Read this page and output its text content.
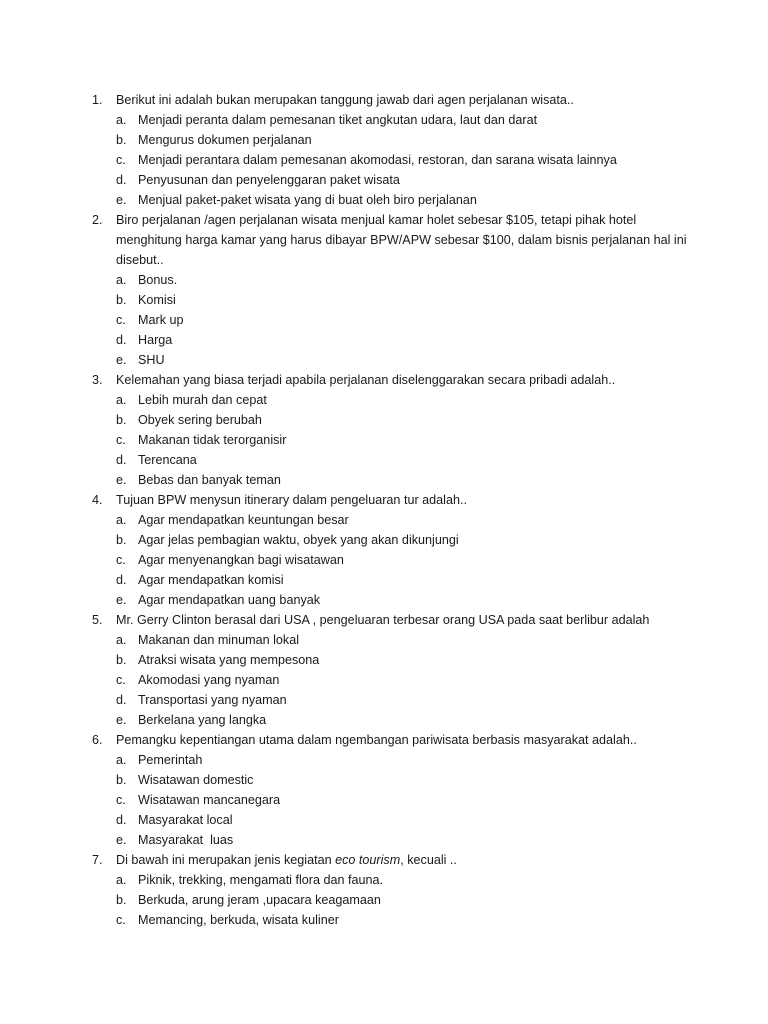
1.	Berikut ini adalah bukan merupakan tanggung jawab dari agen perjalanan wisata..
a. Menjadi peranta dalam pemesanan tiket angkutan udara, laut dan darat
b. Mengurus dokumen perjalanan
c. Menjadi perantara dalam pemesanan akomodasi, restoran, dan sarana wisata lainnya
d. Penyusunan dan penyelenggaran paket wisata
e. Menjual paket-paket wisata yang di buat oleh biro perjalanan
2.	Biro perjalanan /agen perjalanan wisata menjual kamar holet sebesar $105, tetapi pihak hotel menghitung harga kamar yang harus dibayar BPW/APW sebesar $100, dalam bisnis perjalanan hal ini disebut..
a. Bonus.
b. Komisi
c. Mark up
d. Harga
e. SHU
3.	Kelemahan yang biasa terjadi apabila perjalanan diselenggarakan secara pribadi adalah..
a. Lebih murah dan cepat
b. Obyek sering berubah
c. Makanan tidak terorganisir
d. Terencana
e. Bebas dan banyak teman
4.	Tujuan BPW menysun itinerary dalam pengeluaran tur adalah..
a. Agar mendapatkan keuntungan besar
b. Agar jelas pembagian waktu, obyek yang akan dikunjungi
c. Agar menyenangkan bagi wisatawan
d. Agar mendapatkan komisi
e. Agar mendapatkan uang banyak
5.	Mr. Gerry Clinton berasal dari USA , pengeluaran terbesar orang USA pada saat berlibur adalah
a. Makanan dan minuman lokal
b. Atraksi wisata yang mempesona
c. Akomodasi yang nyaman
d. Transportasi yang nyaman
e. Berkelana yang langka
6.	Pemangku kepentiangan utama dalam ngembangan pariwisata berbasis masyarakat adalah..
a. Pemerintah
b. Wisatawan domestic
c. Wisatawan mancanegara
d. Masyarakat local
e. Masyarakat  luas
7.	Di bawah ini merupakan jenis kegiatan eco tourism, kecuali ..
a. Piknik, trekking, mengamati flora dan fauna.
b. Berkuda, arung jeram ,upacara keagamaan
c. Memancing, berkuda, wisata kuliner
